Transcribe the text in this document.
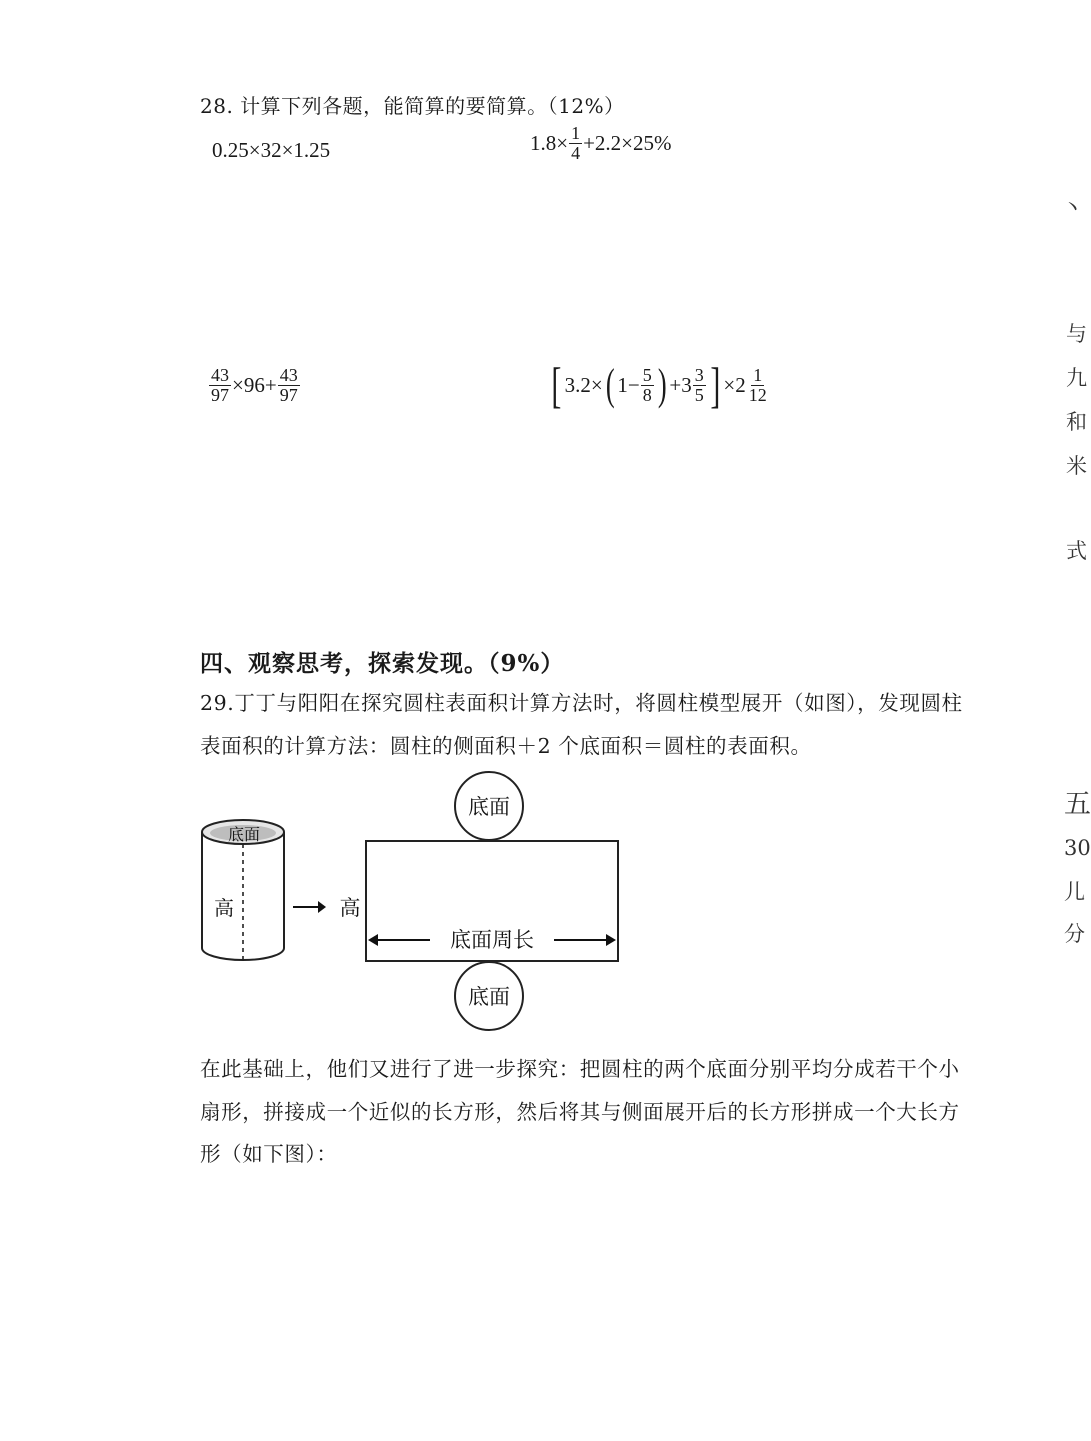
28. 计算下列各题，能简算的要简算。（12%）
0.25×32×1.25	$1.8\times \frac{1}{4} +2.2\times 25\%$
$\frac{43}{97} \times 96+ \frac{43}{97}$	[ 3.2× ( $1- \frac{5}{8}$ ) $+3 \frac{3}{5}$ ] $\times 2 \frac{1}{12}$
四、观察思考，探索发现。（9%）
29.丁丁与阳阳在探究圆柱表面积计算方法时，将圆柱模型展开（如图），发现圆柱
表面积的计算方法：圆柱的侧面积＋2 个底面积＝圆柱的表面积。
底面
高	高
底面周长
底面
底面
在此基础上，他们又进行了进一步探究：把圆柱的两个底面分别平均分成若干个小
扇形，拼接成一个近似的长方形，然后将其与侧面展开后的长方形拼成一个大长方
形（如下图）：
丶
与
九
和
米
式
五
30
儿
分
